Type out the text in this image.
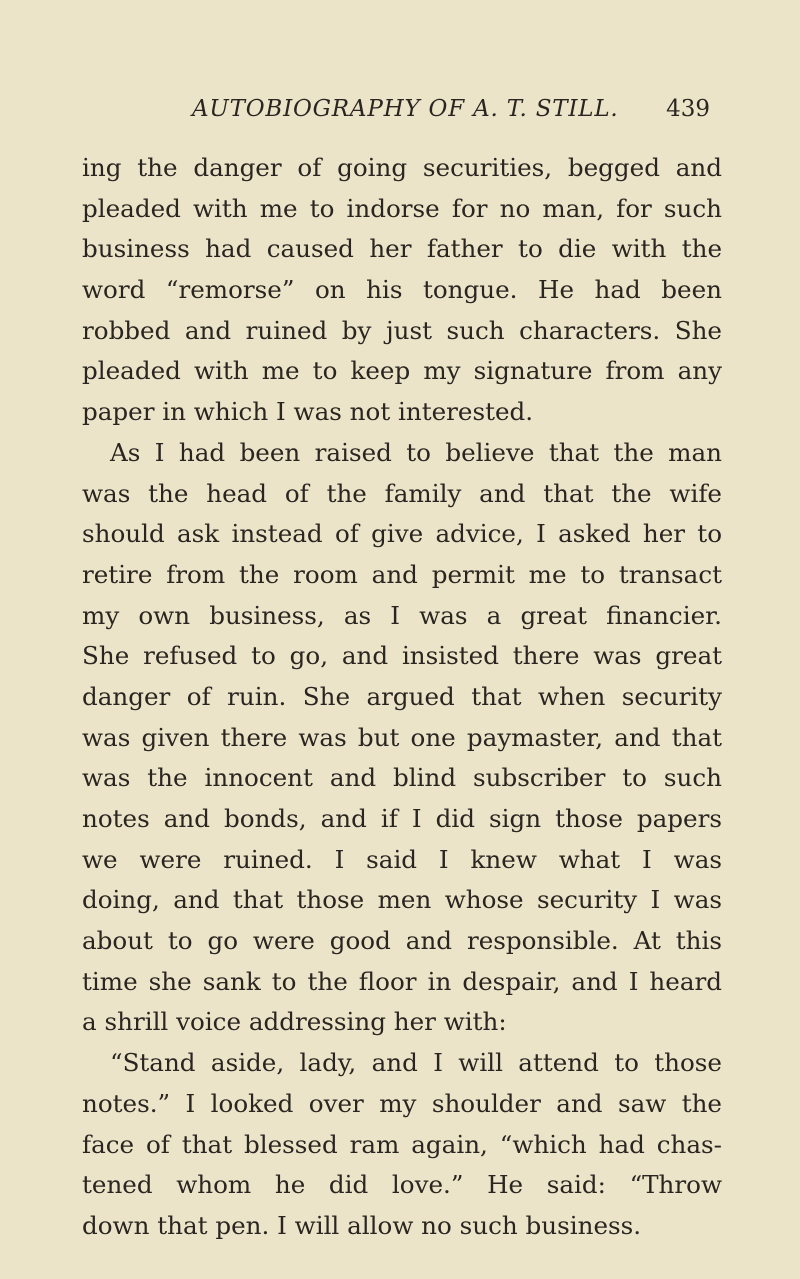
AUTOBIOGRAPHY OF A. T. STILL. 439
ing the danger of going securities, begged and
pleaded with me to indorse for no man, for such
business had caused her father to die with the
word “remorse” on his tongue. He had been
robbed and ruined by just such characters. She
pleaded with me to keep my signature from any
paper in which I was not interested.
As I had been raised to believe that the man
was the head of the family and that the wife
should ask instead of give advice, I asked her to
retire from the room and permit me to transact
my own business, as I was a great financier.
She refused to go, and insisted there was great
danger of ruin. She argued that when security
was given there was but one paymaster, and that
was the innocent and blind subscriber to such
notes and bonds, and if I did sign those papers
we were ruined. I said I knew what I was
doing, and that those men whose security I was
about to go were good and responsible. At this
time she sank to the floor in despair, and I heard
a shrill voice addressing her with:
“Stand aside, lady, and I will attend to those
notes.” I looked over my shoulder and saw the
face of that blessed ram again, “which had chas-
tened whom he did love.” He said: “Throw
down that pen. I will allow no such business.
